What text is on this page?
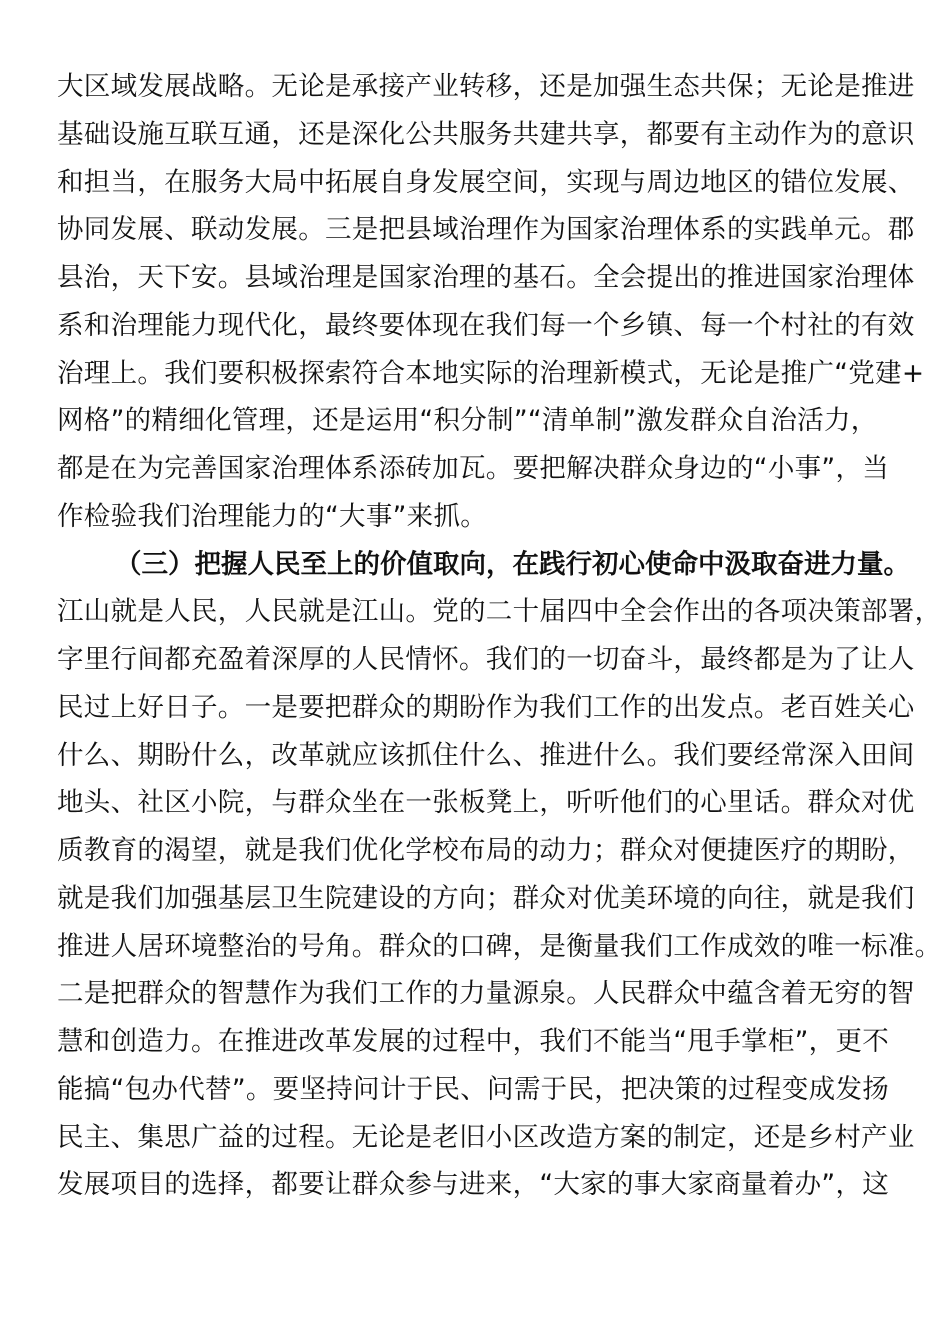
大区域发展战略。无论是承接产业转移，还是加强生态共保；无论是推进
基础设施互联互通，还是深化公共服务共建共享，都要有主动作为的意识
和担当，在服务大局中拓展自身发展空间，实现与周边地区的错位发展、
协同发展、联动发展。三是把县域治理作为国家治理体系的实践单元。郡
县治，天下安。县域治理是国家治理的基石。全会提出的推进国家治理体
系和治理能力现代化，最终要体现在我们每一个乡镇、每一个村社的有效
治理上。我们要积极探索符合本地实际的治理新模式，无论是推广“党建+
网格”的精细化管理，还是运用“积分制”“清单制”激发群众自治活力，
都是在为完善国家治理体系添砖加瓦。要把解决群众身边的“小事”，当
作检验我们治理能力的“大事”来抓。
（三）把握人民至上的价值取向，在践行初心使命中汲取奋进力量。
江山就是人民，人民就是江山。党的二十届四中全会作出的各项决策部署，
字里行间都充盈着深厚的人民情怀。我们的一切奋斗，最终都是为了让人
民过上好日子。一是要把群众的期盼作为我们工作的出发点。老百姓关心
什么、期盼什么，改革就应该抓住什么、推进什么。我们要经常深入田间
地头、社区小院，与群众坐在一张板凳上，听听他们的心里话。群众对优
质教育的渴望，就是我们优化学校布局的动力；群众对便捷医疗的期盼，
就是我们加强基层卫生院建设的方向；群众对优美环境的向往，就是我们
推进人居环境整治的号角。群众的口碑，是衡量我们工作成效的唯一标准。
二是把群众的智慧作为我们工作的力量源泉。人民群众中蕴含着无穷的智
慧和创造力。在推进改革发展的过程中，我们不能当“甩手掌柜”，更不
能搞“包办代替”。要坚持问计于民、问需于民，把决策的过程变成发扬
民主、集思广益的过程。无论是老旧小区改造方案的制定，还是乡村产业
发展项目的选择，都要让群众参与进来，“大家的事大家商量着办”，这
